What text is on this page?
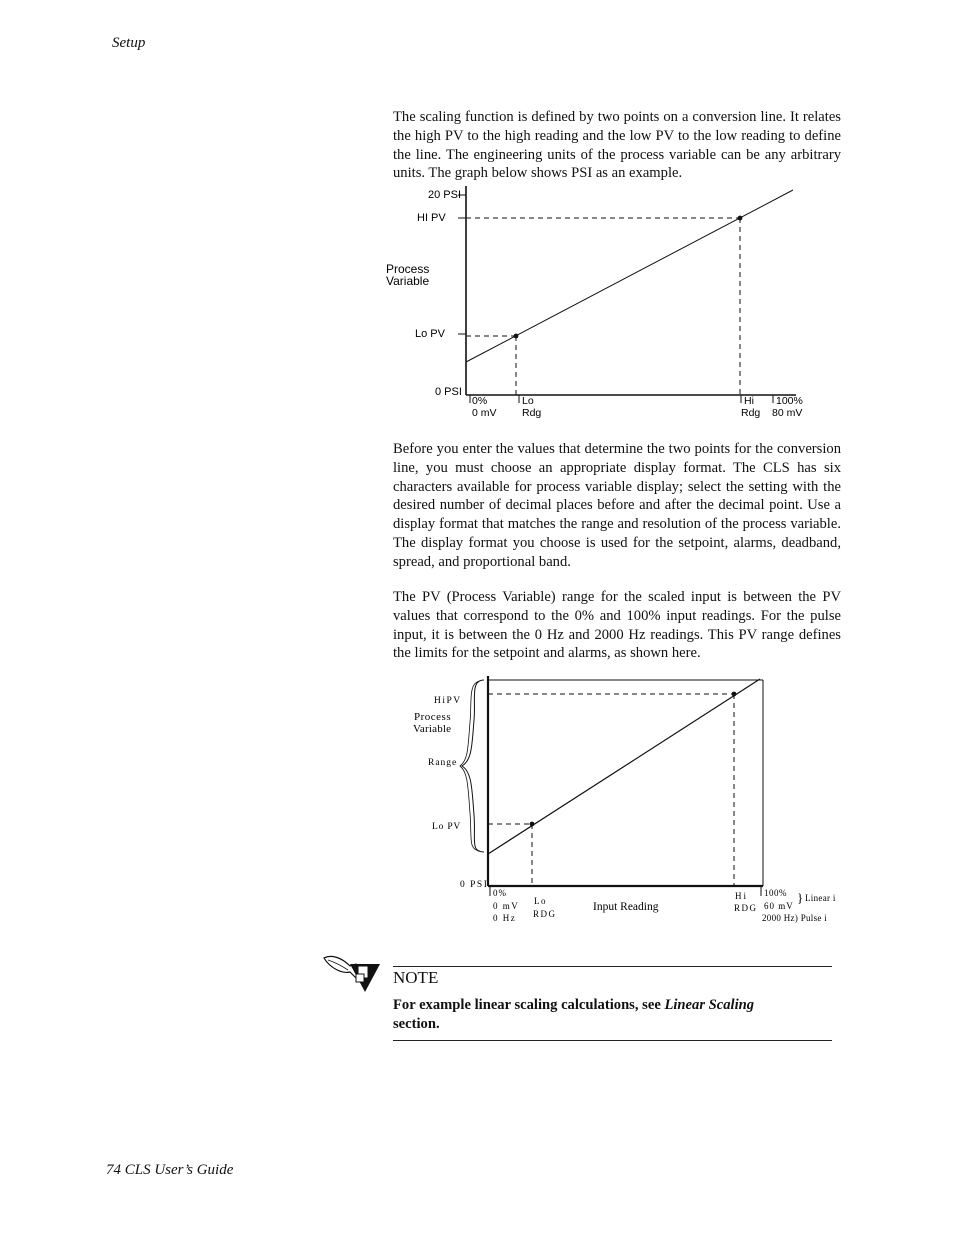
Setup

The scaling function is defined by two points on a conversion line. It relates the high PV to the high reading and the low PV to the low reading to define the line. The engineering units of the process variable can be any arbitrary units. The graph below shows PSI as an example.

20 PSI
HI PV
Process
Variable
Lo PV
0 PSI
0%
0 mV
Lo
Rdg
Hi
Rdg
100%
80 mV

Before you enter the values that determine the two points for the conversion line, you must choose an appropriate display format. The CLS has six characters available for process variable display; select the setting with the desired number of decimal places before and after the decimal point. Use a display format that matches the range and resolution of the process variable. The display format you choose is used for the setpoint, alarms, deadband, spread, and proportional band.

The PV (Process Variable) range for the scaled input is between the PV values that correspond to the 0% and 100% input readings. For the pulse input, it is between the 0 Hz and 2000 Hz readings. This PV range defines the limits for the setpoint and alarms, as shown here.

HiPV
Process
Variable
Range
Lo PV
0 PSI
0%
0 mV
0 Hz
Lo
RDG
Input Reading
Hi
RDG
100%
60 mV
2000 Hz) Pulse i
} Linear i
NOTE
For example linear scaling calculations, see Linear Scaling
section.
74 CLS User’s Guide
